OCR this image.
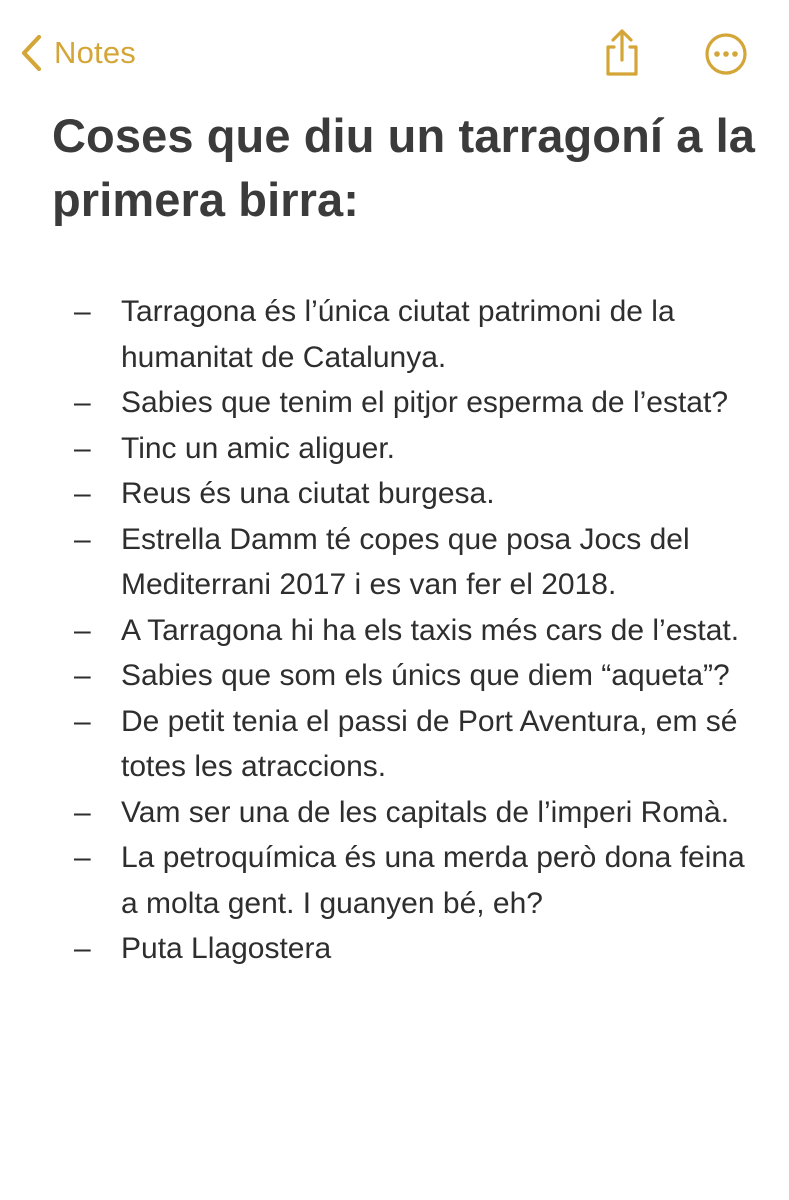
Notes
Coses que diu un tarragoní a la primera birra:
– Tarragona és l’única ciutat patrimoni de la humanitat de Catalunya.
– Sabies que tenim el pitjor esperma de l’estat?
– Tinc un amic aliguer.
– Reus és una ciutat burgesa.
– Estrella Damm té copes que posa Jocs del Mediterrani 2017 i es van fer el 2018.
– A Tarragona hi ha els taxis més cars de l’estat.
– Sabies que som els únics que diem “aqueta”?
– De petit tenia el passi de Port Aventura, em sé totes les atraccions.
– Vam ser una de les capitals de l’imperi Romà.
– La petroquímica és una merda però dona feina a molta gent. I guanyen bé, eh?
– Puta Llagostera
